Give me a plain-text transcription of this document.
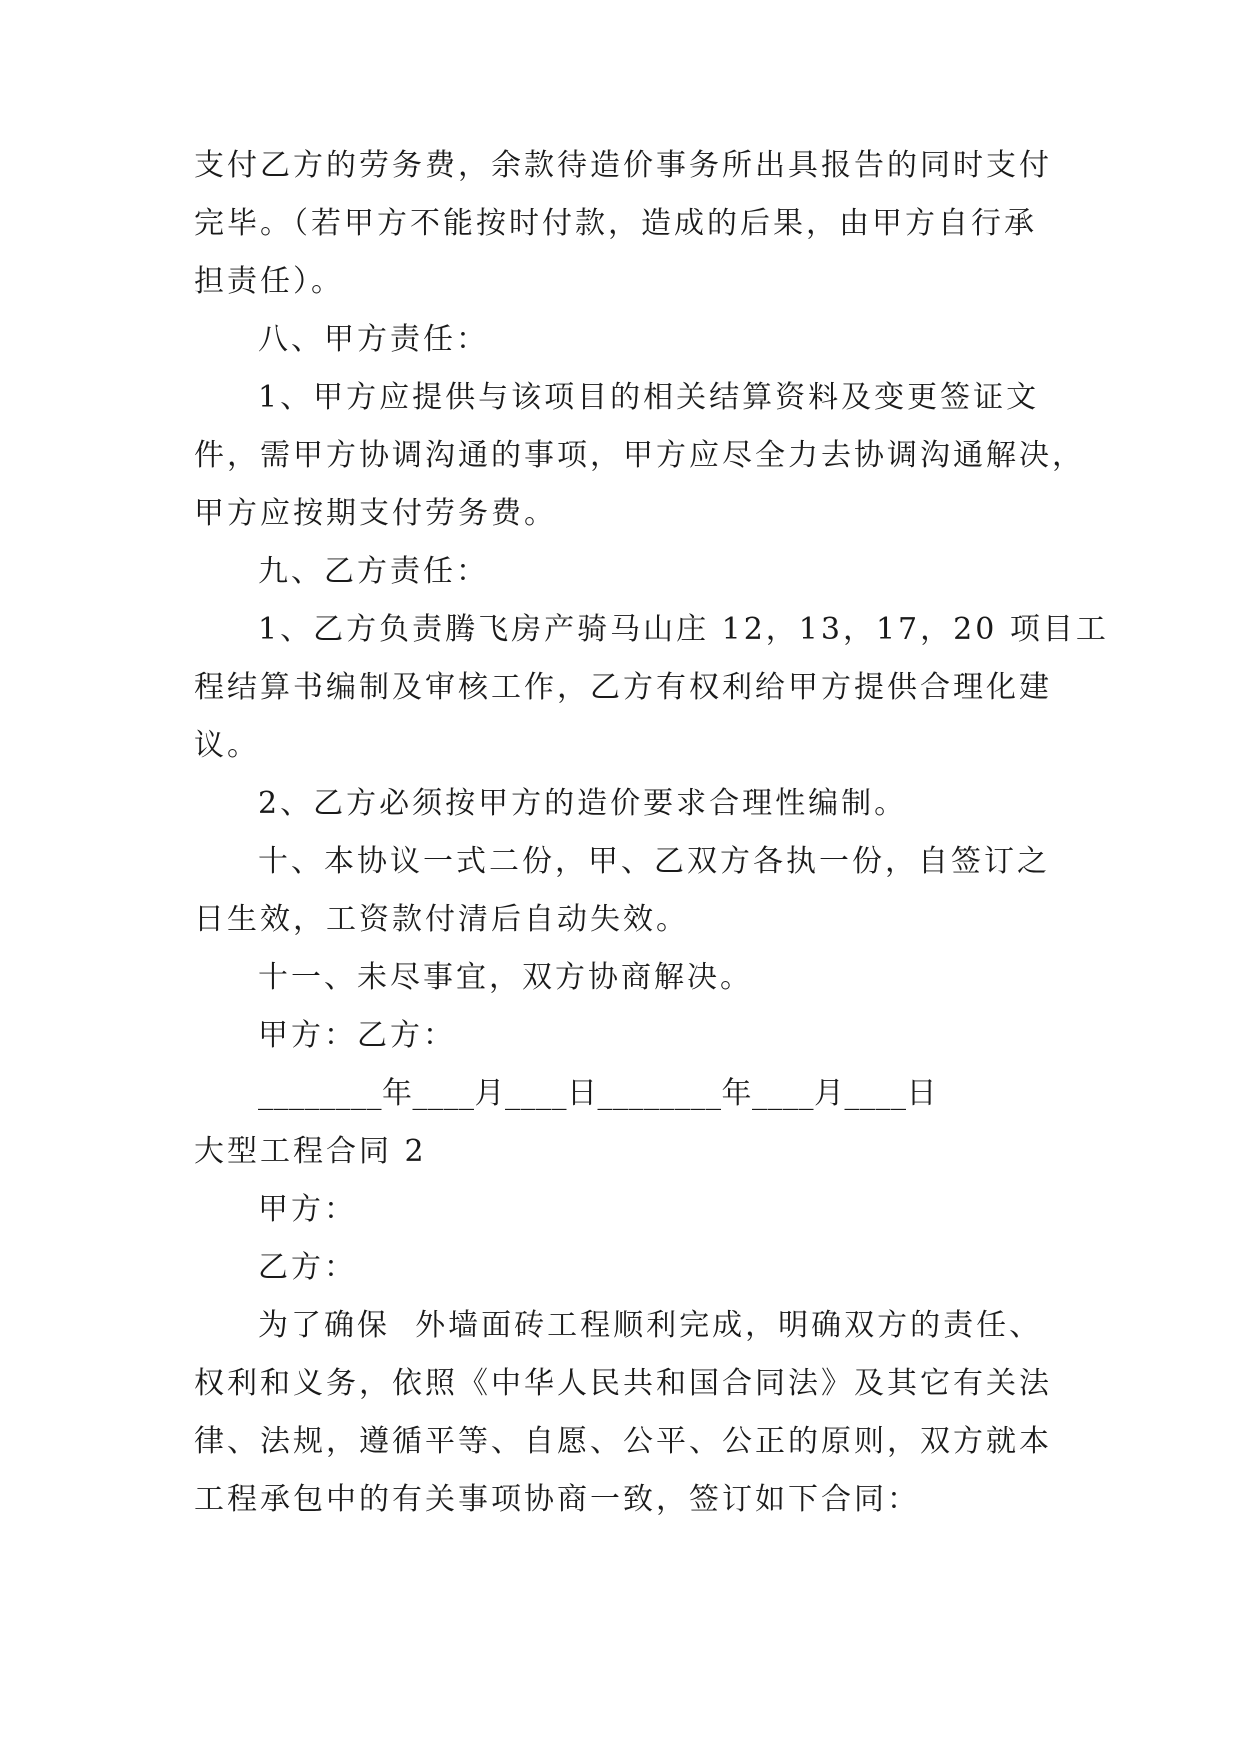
支付乙方的劳务费，余款待造价事务所出具报告的同时支付

完毕。（若甲方不能按时付款，造成的后果，由甲方自行承

担责任）。

八、甲方责任：

1、甲方应提供与该项目的相关结算资料及变更签证文

件，需甲方协调沟通的事项，甲方应尽全力去协调沟通解决，

甲方应按期支付劳务费。

九、乙方责任：

1、乙方负责腾飞房产骑马山庄 12，13，17，20 项目工

程结算书编制及审核工作，乙方有权利给甲方提供合理化建

议。

2、乙方必须按甲方的造价要求合理性编制。

十、本协议一式二份，甲、乙双方各执一份，自签订之

日生效，工资款付清后自动失效。

十一、未尽事宜，双方协商解决。

甲方：乙方：

________年____月____日________年____月____日

大型工程合同 2

甲方：

乙方：

为了确保  外墙面砖工程顺利完成，明确双方的责任、

权利和义务，依照《中华人民共和国合同法》及其它有关法

律、法规，遵循平等、自愿、公平、公正的原则，双方就本

工程承包中的有关事项协商一致，签订如下合同：
